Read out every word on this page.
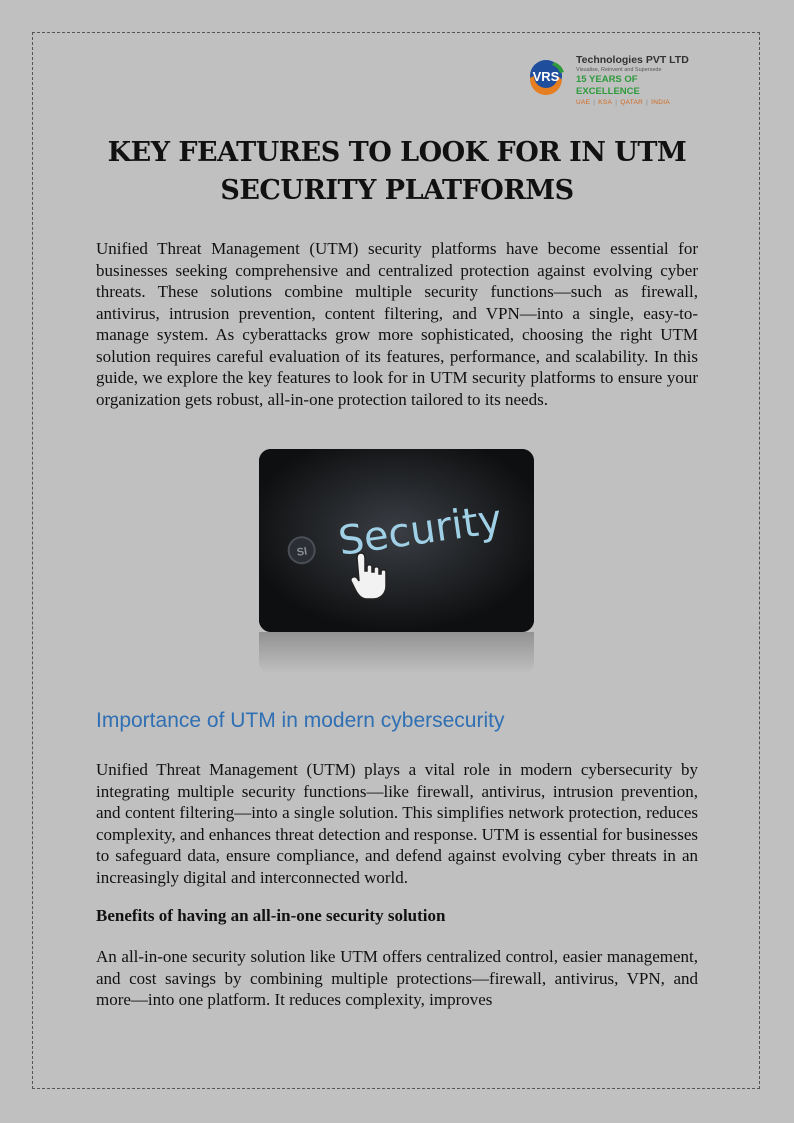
VRS
Technologies PVT LTD
Visualise, Reinvent and Supersede
15 YEARS OF EXCELLENCE
UAE | KSA | QATAR | INDIA
KEY FEATURES TO LOOK FOR IN UTM SECURITY PLATFORMS

Unified Threat Management (UTM) security platforms have become essential for businesses seeking comprehensive and centralized protection against evolving cyber threats. These solutions combine multiple security functions—such as firewall, antivirus, intrusion prevention, content filtering, and VPN—into a single, easy-to-manage system. As cyberattacks grow more sophisticated, choosing the right UTM solution requires careful evaluation of its features, performance, and scalability. In this guide, we explore the key features to look for in UTM security platforms to ensure your organization gets robust, all-in-one protection tailored to its needs.

SI Security
Importance of UTM in modern cybersecurity

Unified Threat Management (UTM) plays a vital role in modern cybersecurity by integrating multiple security functions—like firewall, antivirus, intrusion prevention, and content filtering—into a single solution. This simplifies network protection, reduces complexity, and enhances threat detection and response. UTM is essential for businesses to safeguard data, ensure compliance, and defend against evolving cyber threats in an increasingly digital and interconnected world.

Benefits of having an all-in-one security solution

An all-in-one security solution like UTM offers centralized control, easier management, and cost savings by combining multiple protections—firewall, antivirus, VPN, and more—into one platform. It reduces complexity, improves
